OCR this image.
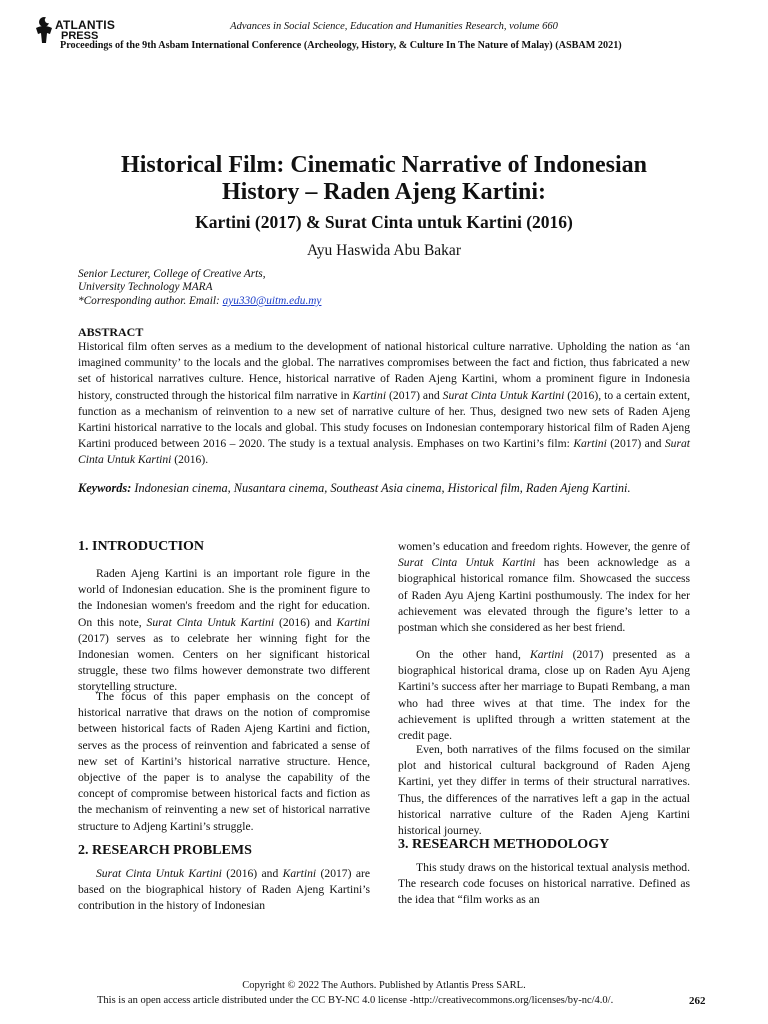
ATLANTIS
PRESS
Advances in Social Science, Education and Humanities Research, volume 660
Proceedings of the 9th Asbam International Conference (Archeology, History, & Culture In The Nature of Malay) (ASBAM 2021)
Historical Film: Cinematic Narrative of Indonesian
History – Raden Ajeng Kartini:
Kartini (2017) & Surat Cinta untuk Kartini (2016)
Ayu Haswida Abu Bakar
Senior Lecturer, College of Creative Arts,
University Technology MARA
*Corresponding author. Email: ayu330@uitm.edu.my
ABSTRACT
Historical film often serves as a medium to the development of national historical culture narrative. Upholding the nation as ‘an imagined community’ to the locals and the global. The narratives compromises between the fact and fiction, thus fabricated a new set of historical narratives culture. Hence, historical narrative of Raden Ajeng Kartini, whom a prominent figure in Indonesia history, constructed through the historical film narrative in Kartini (2017) and Surat Cinta Untuk Kartini (2016), to a certain extent, function as a mechanism of reinvention to a new set of narrative culture of her. Thus, designed two new sets of Raden Ajeng Kartini historical narrative to the locals and global. This study focuses on Indonesian contemporary historical film of Raden Ajeng Kartini produced between 2016 – 2020. The study is a textual analysis. Emphases on two Kartini’s film: Kartini (2017) and Surat Cinta Untuk Kartini (2016).
Keywords: Indonesian cinema, Nusantara cinema, Southeast Asia cinema, Historical film, Raden Ajeng Kartini.
1. INTRODUCTION
Raden Ajeng Kartini is an important role figure in the world of Indonesian education. She is the prominent figure to the Indonesian women's freedom and the right for education. On this note, Surat Cinta Untuk Kartini (2016) and Kartini (2017) serves as to celebrate her winning fight for the Indonesian women. Centers on her significant historical struggle, these two films however demonstrate two different storytelling structure.
The focus of this paper emphasis on the concept of historical narrative that draws on the notion of compromise between historical facts of Raden Ajeng Kartini and fiction, serves as the process of reinvention and fabricated a sense of new set of Kartini’s historical narrative structure. Hence, objective of the paper is to analyse the capability of the concept of compromise between historical facts and fiction as the mechanism of reinventing a new set of historical narrative structure to Adjeng Kartini’s struggle.
2. RESEARCH PROBLEMS
Surat Cinta Untuk Kartini (2016) and Kartini (2017) are based on the biographical history of Raden Ajeng Kartini’s contribution in the history of Indonesian
women’s education and freedom rights. However, the genre of Surat Cinta Untuk Kartini has been acknowledge as a biographical historical romance film. Showcased the success of Raden Ayu Ajeng Kartini posthumously. The index for her achievement was elevated through the figure’s letter to a postman which she considered as her best friend.
On the other hand, Kartini (2017) presented as a biographical historical drama, close up on Raden Ayu Ajeng Kartini’s success after her marriage to Bupati Rembang, a man who had three wives at that time. The index for the achievement is uplifted through a written statement at the credit page.
Even, both narratives of the films focused on the similar plot and historical cultural background of Raden Ajeng Kartini, yet they differ in terms of their structural narratives. Thus, the differences of the narratives left a gap in the actual historical narrative culture of the Raden Ajeng Kartini historical journey.
3. RESEARCH METHODOLOGY
This study draws on the historical textual analysis method. The research code focuses on historical narrative. Defined as the idea that “film works as an
Copyright © 2022 The Authors. Published by Atlantis Press SARL.
This is an open access article distributed under the CC BY-NC 4.0 license -http://creativecommons.org/licenses/by-nc/4.0/.	262
